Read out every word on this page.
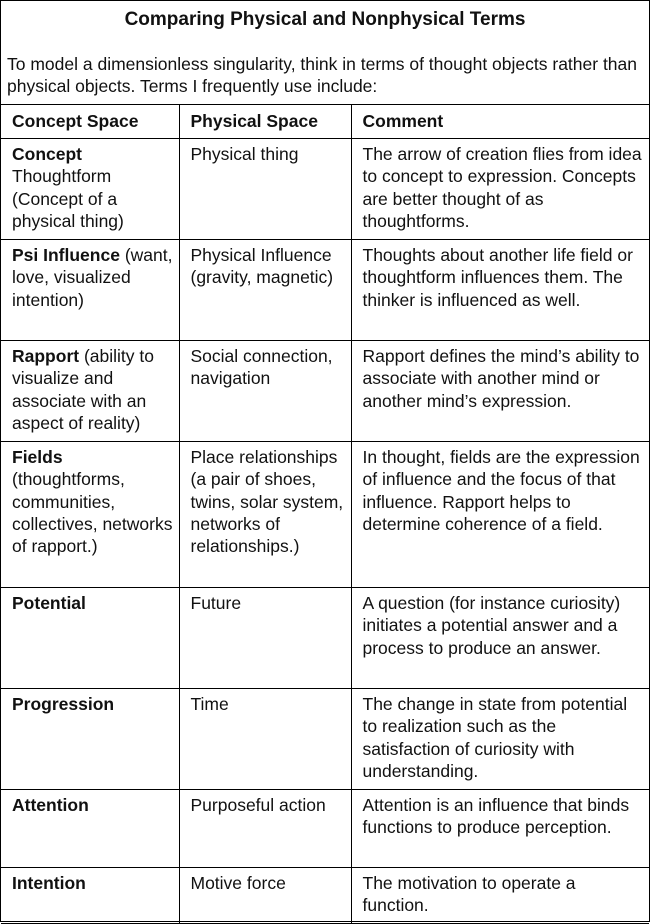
Comparing Physical and Nonphysical Terms
To model a dimensionless singularity, think in terms of thought objects rather than physical objects. Terms I frequently use include:
Concept Space	Physical Space	Comment
Concept Thoughtform (Concept of a physical thing)	Physical thing	The arrow of creation flies from idea to concept to expression. Concepts are better thought of as thoughtforms.
Psi Influence (want, love, visualized intention)	Physical Influence (gravity, magnetic)	Thoughts about another life field or thoughtform influences them. The thinker is influenced as well.
Rapport (ability to visualize and associate with an aspect of reality)	Social connection, navigation	Rapport defines the mind’s ability to associate with another mind or another mind’s expression.
Fields (thoughtforms, communities, collectives, networks of rapport.)	Place relationships (a pair of shoes, twins, solar system, networks of relationships.)	In thought, fields are the expression of influence and the focus of that influence. Rapport helps to determine coherence of a field.
Potential	Future	A question (for instance curiosity) initiates a potential answer and a process to produce an answer.
Progression	Time	The change in state from potential to realization such as the satisfaction of curiosity with understanding.
Attention	Purposeful action	Attention is an influence that binds functions to produce perception.
Intention	Motive force	The motivation to operate a function.
